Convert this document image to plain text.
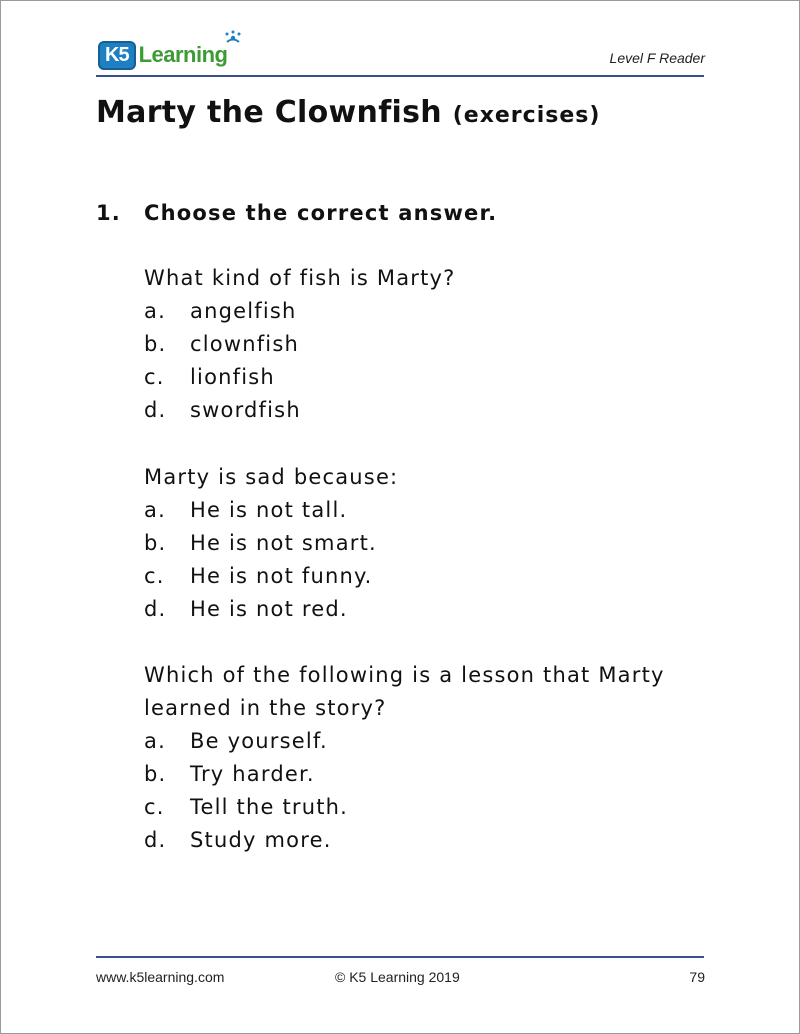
K5 Learning	Level F Reader
Marty the Clownfish (exercises)
1.	Choose the correct answer.
What kind of fish is Marty?
a.	angelfish
b.	clownfish
c.	lionfish
d.	swordfish
Marty is sad because:
a.	He is not tall.
b.	He is not smart.
c.	He is not funny.
d.	He is not red.
Which of the following is a lesson that Marty learned in the story?
a.	Be yourself.
b.	Try harder.
c.	Tell the truth.
d.	Study more.
www.k5learning.com	© K5 Learning 2019	79
